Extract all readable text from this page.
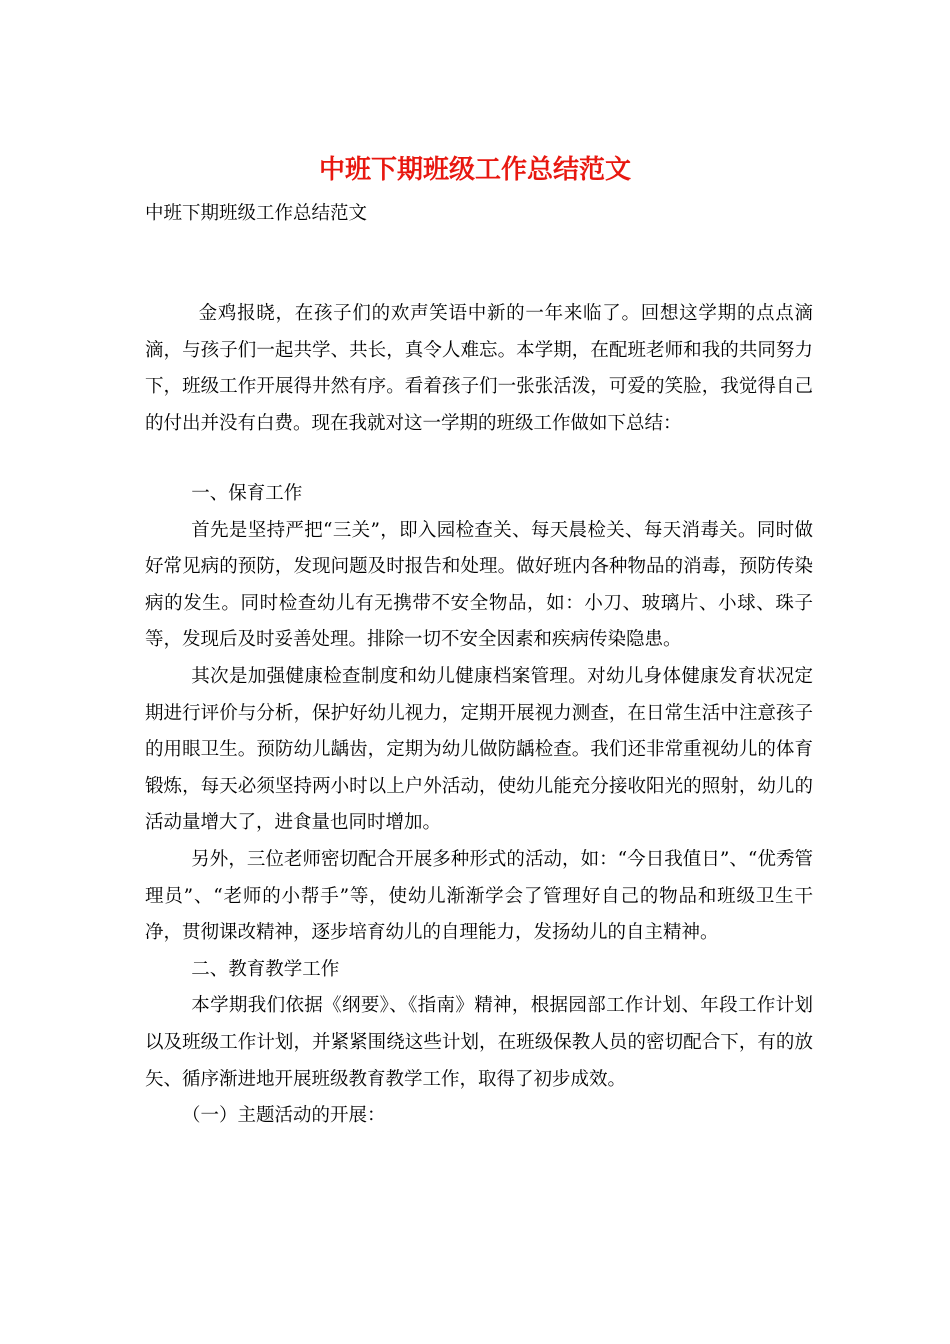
中班下期班级工作总结范文

中班下期班级工作总结范文

金鸡报晓，在孩子们的欢声笑语中新的一年来临了。回想这学期的点点滴滴，与孩子们一起共学、共长，真令人难忘。本学期，在配班老师和我的共同努力下，班级工作开展得井然有序。看着孩子们一张张活泼，可爱的笑脸，我觉得自己的付出并没有白费。现在我就对这一学期的班级工作做如下总结：

一、保育工作

首先是坚持严把“三关”，即入园检查关、每天晨检关、每天消毒关。同时做好常见病的预防，发现问题及时报告和处理。做好班内各种物品的消毒，预防传染病的发生。同时检查幼儿有无携带不安全物品，如：小刀、玻璃片、小球、珠子等，发现后及时妥善处理。排除一切不安全因素和疾病传染隐患。

其次是加强健康检查制度和幼儿健康档案管理。对幼儿身体健康发育状况定期进行评价与分析，保护好幼儿视力，定期开展视力测查，在日常生活中注意孩子的用眼卫生。预防幼儿龋齿，定期为幼儿做防龋检查。我们还非常重视幼儿的体育锻炼，每天必须坚持两小时以上户外活动，使幼儿能充分接收阳光的照射，幼儿的活动量增大了，进食量也同时增加。

另外，三位老师密切配合开展多种形式的活动，如：“今日我值日”、“优秀管理员”、“老师的小帮手”等，使幼儿渐渐学会了管理好自己的物品和班级卫生干净，贯彻课改精神，逐步培育幼儿的自理能力，发扬幼儿的自主精神。

二、教育教学工作

本学期我们依据《纲要》、《指南》精神，根据园部工作计划、年段工作计划以及班级工作计划，并紧紧围绕这些计划，在班级保教人员的密切配合下，有的放矢、循序渐进地开展班级教育教学工作，取得了初步成效。

（一）主题活动的开展：
